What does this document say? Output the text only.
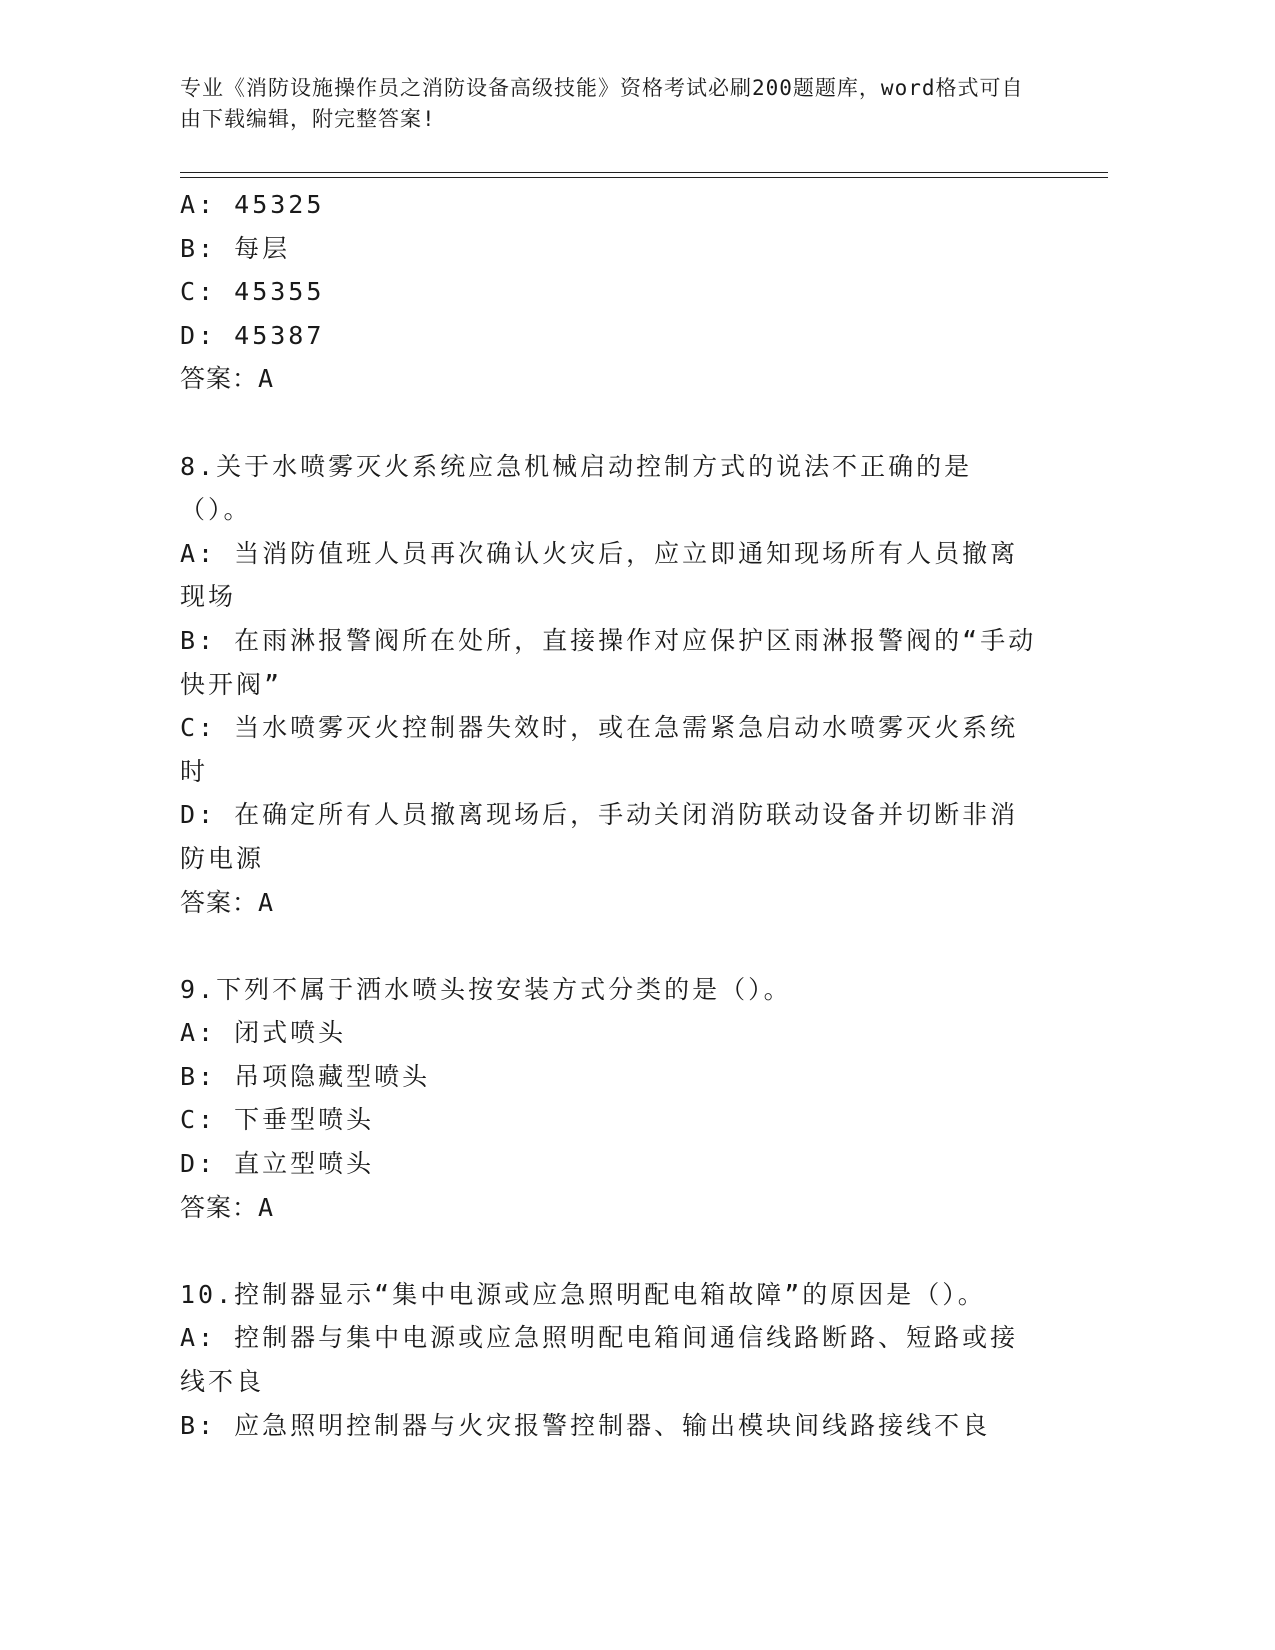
专业《消防设施操作员之消防设备高级技能》资格考试必刷200题题库，word格式可自由下载编辑，附完整答案!
A: 45325
B: 每层
C: 45355
D: 45387
答案：A
8.关于水喷雾灭火系统应急机械启动控制方式的说法不正确的是（）。
A: 当消防值班人员再次确认火灾后，应立即通知现场所有人员撤离现场
B: 在雨淋报警阀所在处所，直接操作对应保护区雨淋报警阀的“手动快开阀”
C: 当水喷雾灭火控制器失效时，或在急需紧急启动水喷雾灭火系统时
D: 在确定所有人员撤离现场后，手动关闭消防联动设备并切断非消防电源
答案：A
9.下列不属于洒水喷头按安装方式分类的是（）。
A: 闭式喷头
B: 吊项隐藏型喷头
C: 下垂型喷头
D: 直立型喷头
答案：A
10.控制器显示“集中电源或应急照明配电箱故障”的原因是（）。
A: 控制器与集中电源或应急照明配电箱间通信线路断路、短路或接线不良
B: 应急照明控制器与火灾报警控制器、输出模块间线路接线不良
